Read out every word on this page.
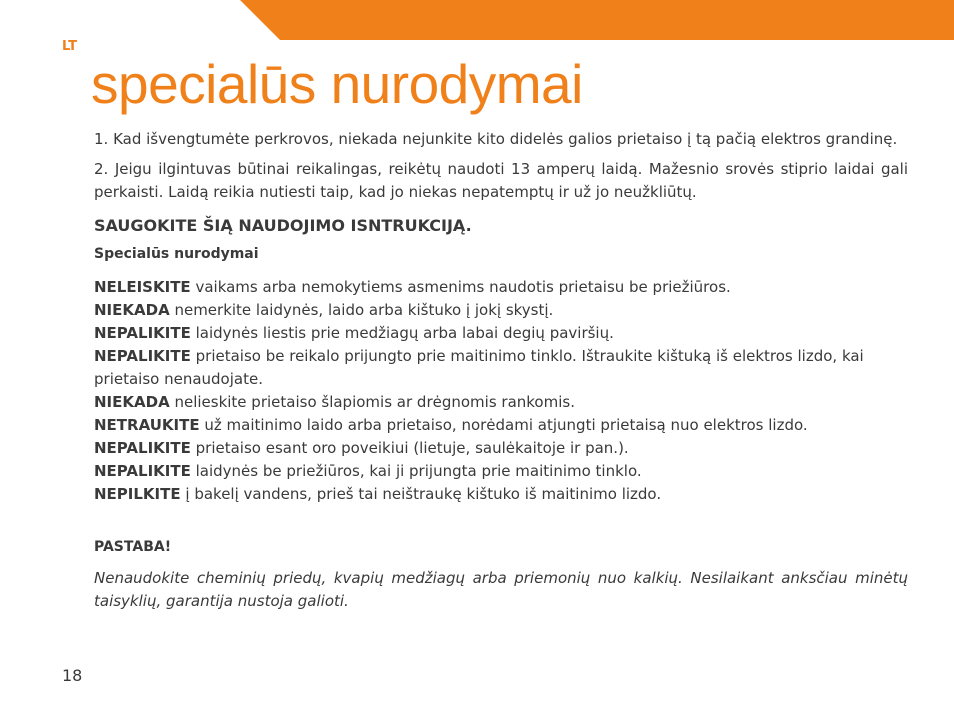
LT

specialūs nurodymai

1. Kad išvengtumėte perkrovos, niekada nejunkite kito didelės galios prietaiso į tą pačią elektros grandinę.

2. Jeigu ilgintuvas būtinai reikalingas, reikėtų naudoti 13 amperų laidą. Mažesnio srovės stiprio laidai gali perkaisti. Laidą reikia nutiesti taip, kad jo niekas nepatemptų ir už jo neužkliūtų.

SAUGOKITE ŠIĄ NAUDOJIMO ISNTRUKCIJĄ.

Specialūs nurodymai

NELEISKITE vaikams arba nemokytiems asmenims naudotis prietaisu be priežiūros.

NIEKADA nemerkite laidynės, laido arba kištuko į jokį skystį.

NEPALIKITE laidynės liestis prie medžiagų arba labai degių paviršių.

NEPALIKITE prietaiso be reikalo prijungto prie maitinimo tinklo. Ištraukite kištuką iš elektros lizdo, kai prietaiso nenaudojate.

NIEKADA nelieskite prietaiso šlapiomis ar drėgnomis rankomis.

NETRAUKITE už maitinimo laido arba prietaiso, norėdami atjungti prietaisą nuo elektros lizdo.

NEPALIKITE prietaiso esant oro poveikiui (lietuje, saulėkaitoje ir pan.).

NEPALIKITE laidynės be priežiūros, kai ji prijungta prie maitinimo tinklo.

NEPILKITE į bakelį vandens, prieš tai neištraukę kištuko iš maitinimo lizdo.

PASTABA!

Nenaudokite cheminių priedų, kvapių medžiagų arba priemonių nuo kalkių. Nesilaikant anksčiau minėtų taisyklių, garantija nustoja galioti.

18
